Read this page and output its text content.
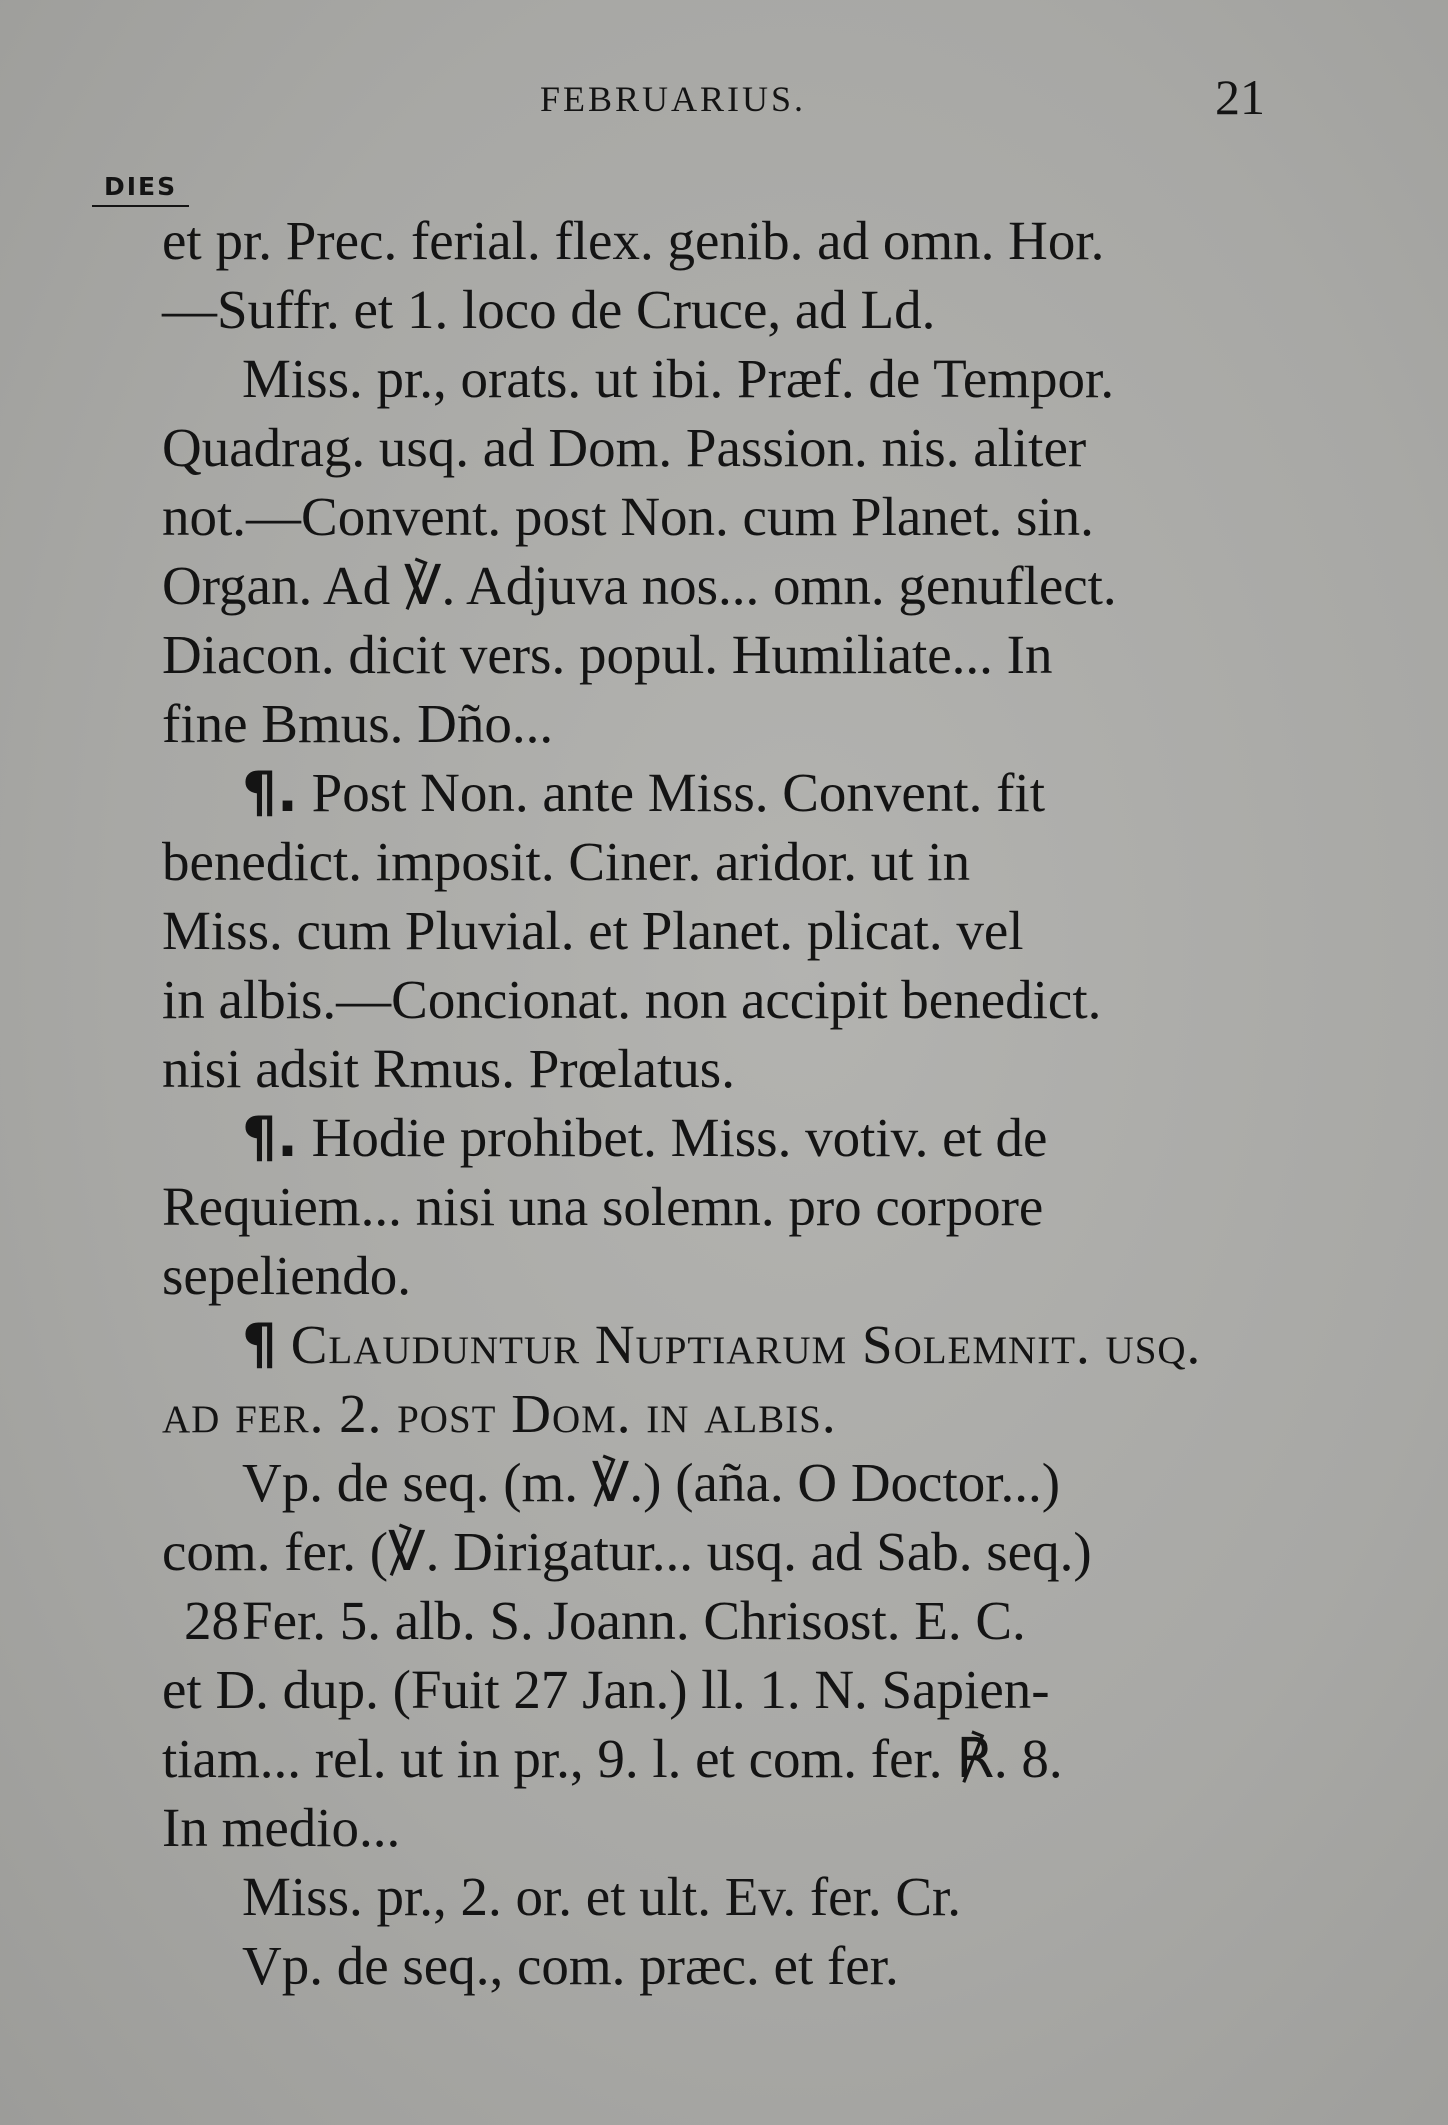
FEBRUARIUS.	21
DIES

et pr. Prec. ferial. flex. genib. ad omn. Hor.

—Suffr. et 1. loco de Cruce, ad Ld.

Miss. pr., orats. ut ibi. Præf. de Tempor.

Quadrag. usq. ad Dom. Passion. nis. aliter

not.—Convent. post Non. cum Planet. sin.

Organ. Ad ℣. Adjuva nos... omn. genuflect.

Diacon. dicit vers. popul. Humiliate... In

fine Bmus. Dño...

¶. Post Non. ante Miss. Convent. fit

benedict. imposit. Ciner. aridor. ut in

Miss. cum Pluvial. et Planet. plicat. vel

in albis.—Concionat. non accipit benedict.

nisi adsit Rmus. Prœlatus.

¶. Hodie prohibet. Miss. votiv. et de

Requiem... nisi una solemn. pro corpore

sepeliendo.

¶ Clauduntur Nuptiarum Solemnit. usq.

ad fer. 2. post Dom. in albis.

Vp. de seq. (m. ℣.) (aña. O Doctor...)

com. fer. (℣. Dirigatur... usq. ad Sab. seq.)

28 Fer. 5. alb. S. Joann. Chrisost. E. C.

et D. dup. (Fuit 27 Jan.) ll. 1. N. Sapien-

tiam... rel. ut in pr., 9. l. et com. fer. ℟. 8.

In medio...

Miss. pr., 2. or. et ult. Ev. fer. Cr.

Vp. de seq., com. præc. et fer.
